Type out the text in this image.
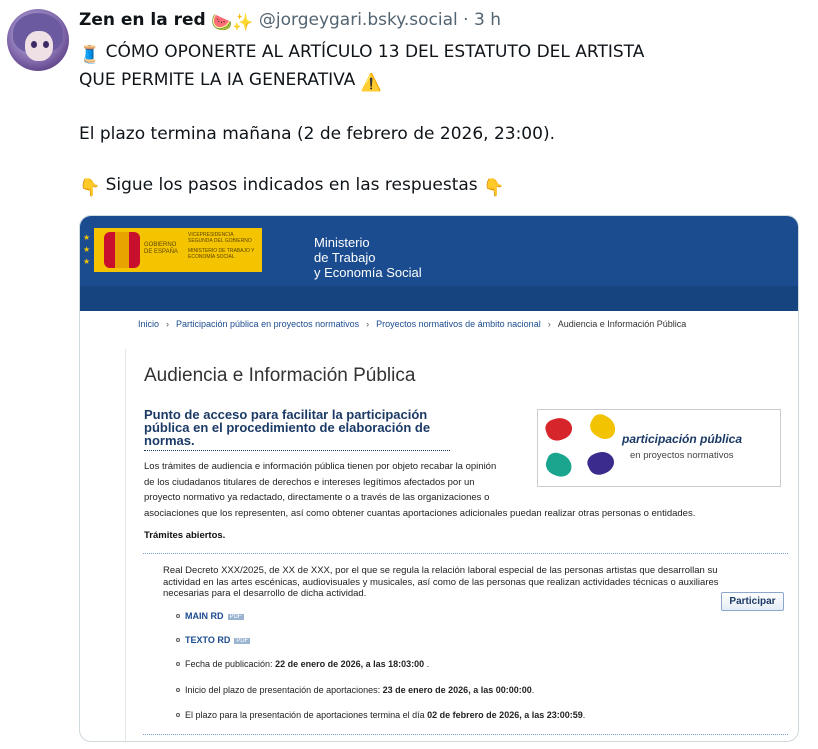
Zen en la red 🍉✨ @jorgeygari.bsky.social · 3 h

🧵 CÓMO OPONERTE AL ARTÍCULO 13 DEL ESTATUTO DEL ARTISTA

QUE PERMITE LA IA GENERATIVA ⚠️

El plazo termina mañana (2 de febrero de 2026, 23:00).

👇 Sigue los pasos indicados en las respuestas 👇

★
★
★
GOBIERNO DE ESPAÑA
VICEPRESIDENCIA SEGUNDA DEL GOBIERNO
MINISTERIO DE TRABAJO Y ECONOMÍA SOCIAL
Ministerio
de Trabajo
y Economía Social
Inicio › Participación pública en proyectos normativos › Proyectos normativos de ámbito nacional › Audiencia e Información Pública
Audiencia e Información Pública
Punto de acceso para facilitar la participación pública en el procedimiento de elaboración de normas.
Los trámites de audiencia e información pública tienen por objeto recabar la opinión
de los ciudadanos titulares de derechos e intereses legítimos afectados por un
proyecto normativo ya redactado, directamente o a través de las organizaciones o
asociaciones que los representen, así como obtener cuantas aportaciones adicionales puedan realizar otras personas o entidades.
participación pública
en proyectos normativos
Trámites abiertos.
Real Decreto XXX/2025, de XX de XXX, por el que se regula la relación laboral especial de las personas artistas que desarrollan su
actividad en las artes escénicas, audiovisuales y musicales, así como de las personas que realizan actividades técnicas o auxiliares
necesarias para el desarrollo de dicha actividad.
Participar
MAIN RD PDF
TEXTO RD PDF
Fecha de publicación: 22 de enero de 2026, a las 18:03:00 .
Inicio del plazo de presentación de aportaciones: 23 de enero de 2026, a las 00:00:00.
El plazo para la presentación de aportaciones termina el día 02 de febrero de 2026, a las 23:00:59.
